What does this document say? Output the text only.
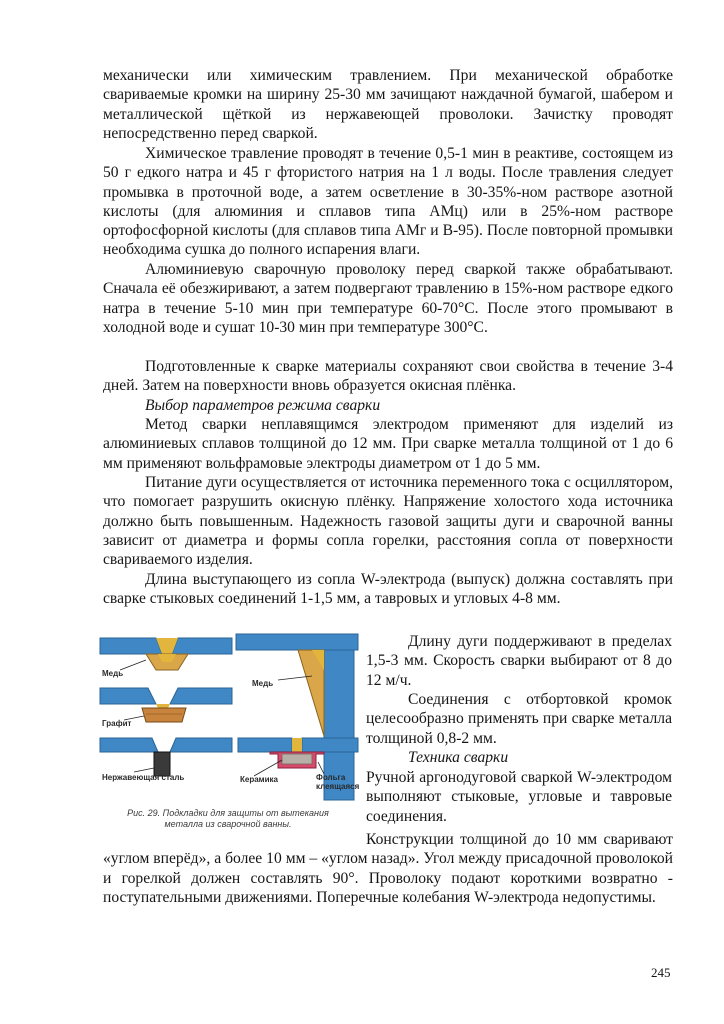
механически или химическим травлением. При механической обработке свариваемые кромки на ширину 25-30 мм зачищают наждачной бумагой, шабером и металлической щёткой из нержавеющей проволоки. Зачистку проводят непосредственно перед сваркой.

Химическое травление проводят в течение 0,5-1 мин в реактиве, состоящем из 50 г едкого натра и 45 г фтористого натрия на 1 л воды. После травления следует промывка в проточной воде, а затем осветление в 30-35%-ном растворе азотной кислоты (для алюминия и сплавов типа АМц) или в 25%-ном растворе ортофосфорной кислоты (для сплавов типа АМг и В-95). После повторной промывки необходима сушка до полного испарения влаги.

Алюминиевую сварочную проволоку перед сваркой также обрабатывают. Сначала её обезжиривают, а затем подвергают травлению в 15%-ном растворе едкого натра в течение 5-10 мин при температуре 60-70°С. После этого промывают в холодной воде и сушат 10-30 мин при температуре 300°С.

Подготовленные к сварке материалы сохраняют свои свойства в течение 3-4 дней. Затем на поверхности вновь образуется окисная плёнка.

Выбор параметров режима сварки

Метод сварки неплавящимся электродом применяют для изделий из алюминиевых сплавов толщиной до 12 мм. При сварке металла толщиной от 1 до 6 мм применяют вольфрамовые электроды диаметром от 1 до 5 мм.

Питание дуги осуществляется от источника переменного тока с осциллятором, что помогает разрушить окисную плёнку. Напряжение холостого хода источника должно быть повышенным. Надежность газовой защиты дуги и сварочной ванны зависит от диаметра и формы сопла горелки, расстояния сопла от поверхности свариваемого изделия.

Длина выступающего из сопла W-электрода (выпуск) должна составлять при сварке стыковых соединений 1-1,5 мм, а тавровых и угловых 4-8 мм.

Медь
Медь
Графит
Нержавеющая сталь	Керамика	Фольга клеящаяся
Рис. 29. Подкладки для защиты от вытекания металла из сварочной ванны.

Длину дуги поддерживают в пределах 1,5-3 мм. Скорость сварки выбирают от 8 до 12 м/ч.

Соединения с отбортовкой кромок целесообразно применять при сварке металла толщиной 0,8-2 мм.

Техника сварки

Ручной аргонодуговой сваркой W-электродом выполняют стыковые, угловые и тавровые соединения.

Конструкции толщиной до 10 мм сваривают «углом вперёд», а более 10 мм – «углом назад». Угол между присадочной проволокой и горелкой должен составлять 90°. Проволоку подают короткими возвратно - поступательными движениями. Поперечные колебания W-электрода недопустимы.

245
